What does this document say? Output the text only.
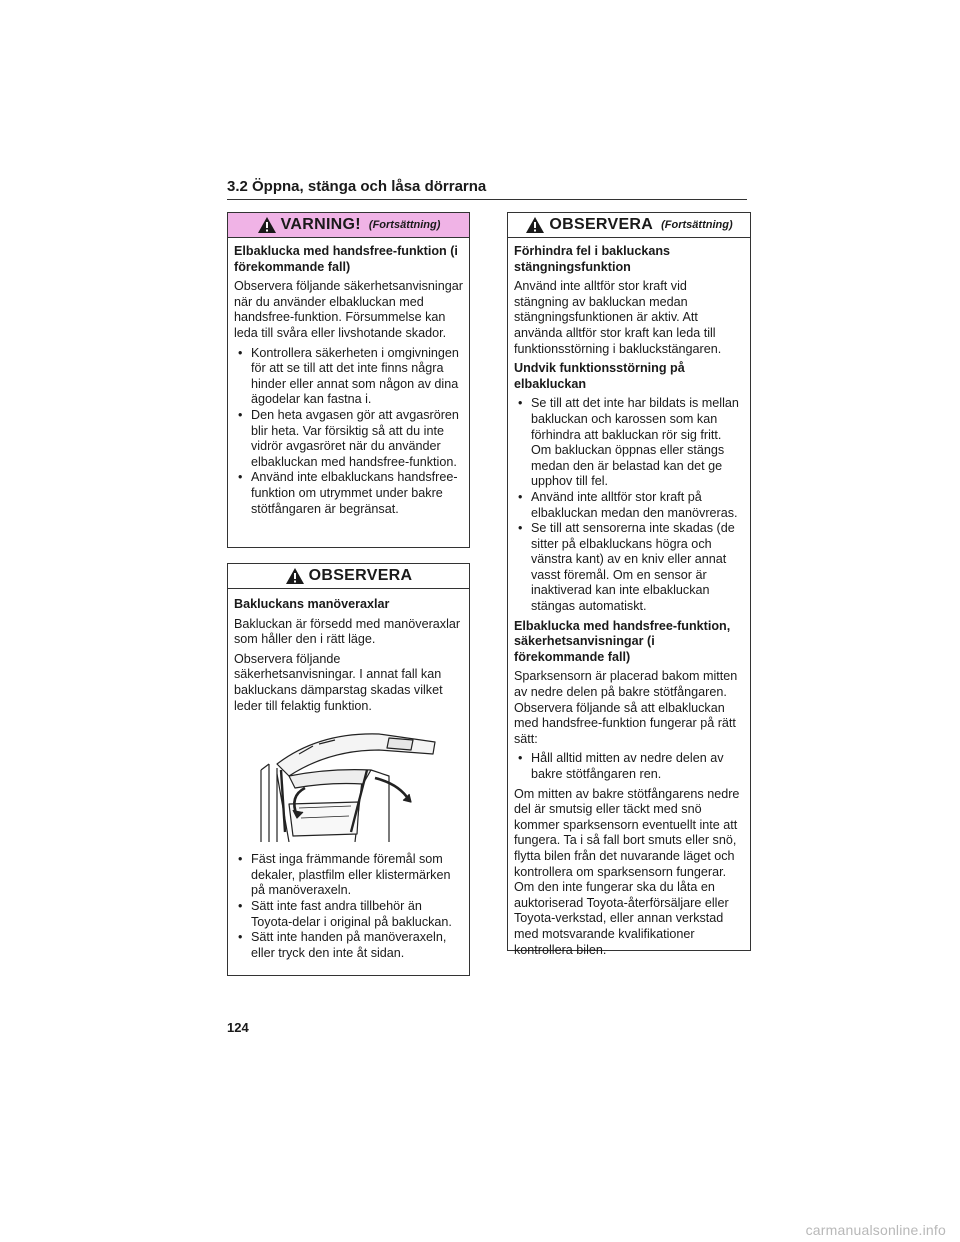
3.2 Öppna, stänga och låsa dörrarna
VARNING! (Fortsättning)
Elbaklucka med handsfree-funktion (i förekommande fall)

Observera följande säkerhetsanvisningar när du använder elbakluckan med handsfree-funktion. Försummelse kan leda till svåra eller livshotande skador.

• Kontrollera säkerheten i omgivningen för att se till att det inte finns några hinder eller annat som någon av dina ägodelar kan fastna i.
• Den heta avgasen gör att avgasrören blir heta. Var försiktig så att du inte vidrör avgasröret när du använder elbakluckan med handsfree-funktion.
• Använd inte elbakluckans handsfree-funktion om utrymmet under bakre stötfångaren är begränsat.
OBSERVERA
Bakluckans manöveraxlar

Bakluckan är försedd med manöveraxlar som håller den i rätt läge.

Observera följande säkerhetsanvisningar. I annat fall kan bakluckans dämparstag skadas vilket leder till felaktig funktion.

• Fäst inga främmande föremål som dekaler, plastfilm eller klistermärken på manöveraxeln.
• Sätt inte fast andra tillbehör än Toyota-delar i original på bakluckan.
• Sätt inte handen på manöveraxeln, eller tryck den inte åt sidan.
OBSERVERA (Fortsättning)
Förhindra fel i bakluckans stängningsfunktion

Använd inte alltför stor kraft vid stängning av bakluckan medan stängningsfunktionen är aktiv. Att använda alltför stor kraft kan leda till funktionsstörning i bakluckstängaren.

Undvik funktionsstörning på elbakluckan
• Se till att det inte har bildats is mellan bakluckan och karossen som kan förhindra att bakluckan rör sig fritt. Om bakluckan öppnas eller stängs medan den är belastad kan det ge upphov till fel.
• Använd inte alltför stor kraft på elbakluckan medan den manövreras.
• Se till att sensorerna inte skadas (de sitter på elbakluckans högra och vänstra kant) av en kniv eller annat vasst föremål. Om en sensor är inaktiverad kan inte elbakluckan stängas automatiskt.
Elbaklucka med handsfree-funktion, säkerhetsanvisningar (i förekommande fall)

Sparksensorn är placerad bakom mitten av nedre delen på bakre stötfångaren. Observera följande så att elbakluckan med handsfree-funktion fungerar på rätt sätt:

• Håll alltid mitten av nedre delen av bakre stötfångaren ren.

Om mitten av bakre stötfångarens nedre del är smutsig eller täckt med snö kommer sparksensorn eventuellt inte att fungera. Ta i så fall bort smuts eller snö, flytta bilen från det nuvarande läget och kontrollera om sparksensorn fungerar. Om den inte fungerar ska du låta en auktoriserad Toyota-återförsäljare eller Toyota-verkstad, eller annan verkstad med motsvarande kvalifikationer kontrollera bilen.

124
carmanualsonline.info
